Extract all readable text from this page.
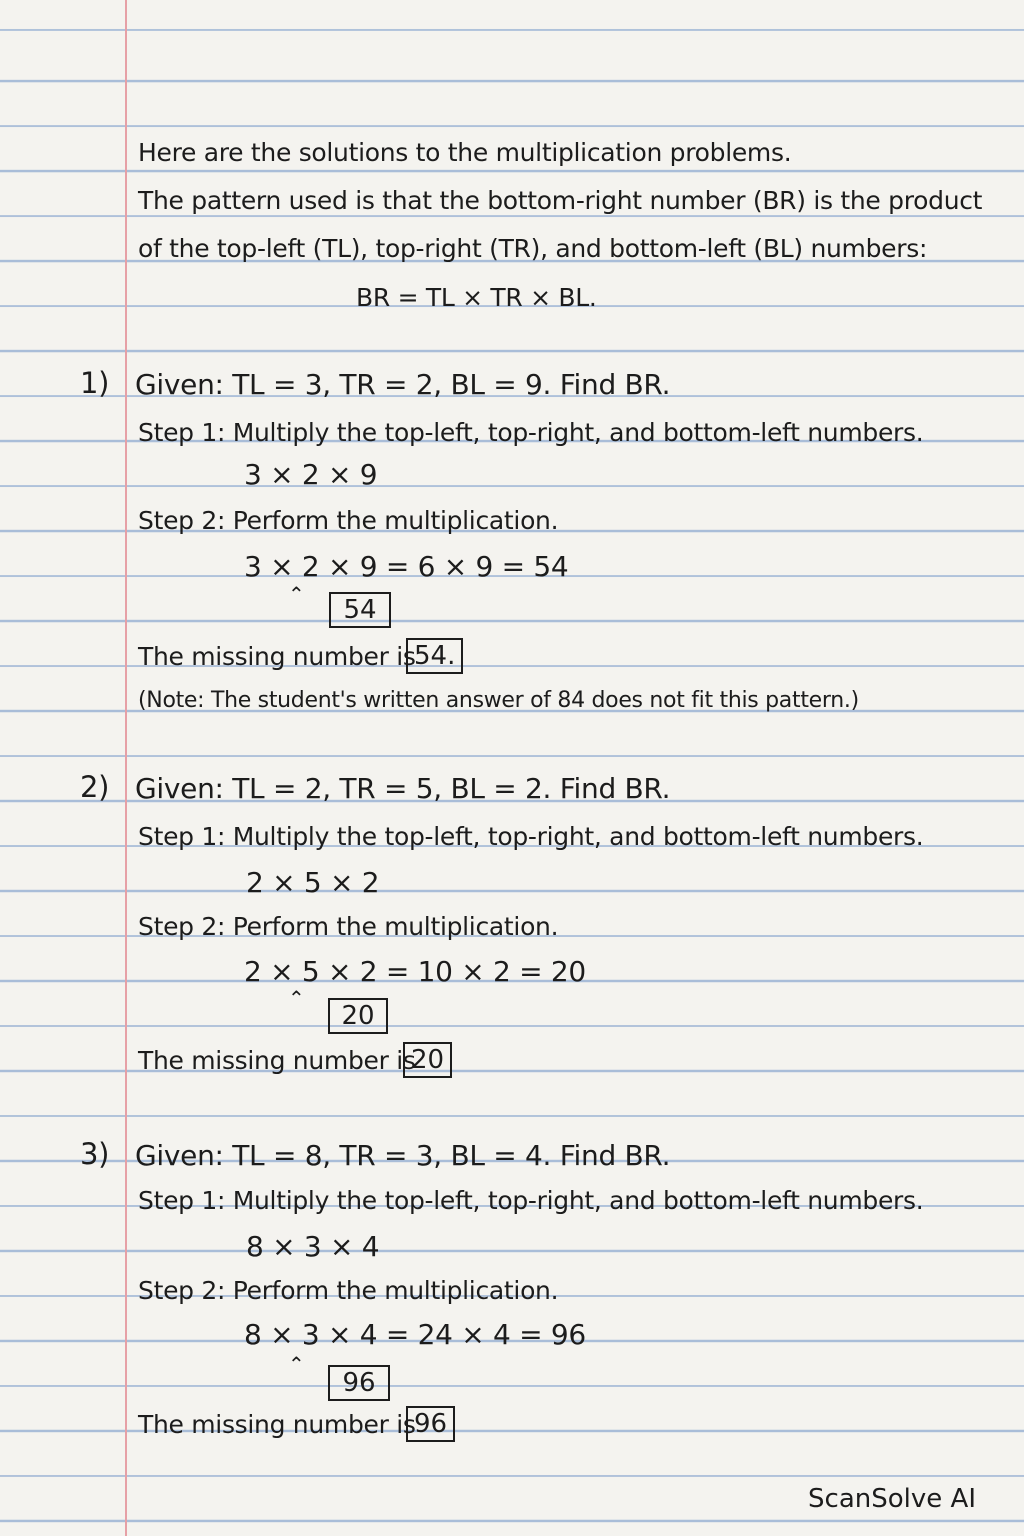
Here are the solutions to the multiplication problems.
The pattern used is that the bottom-right number (BR) is the product
of the top-left (TL), top-right (TR), and bottom-left (BL) numbers:
BR = TL × TR × BL.
1) Given: TL = 3, TR = 2, BL = 9. Find BR.
Step 1: Multiply the top-left, top-right, and bottom-left numbers.
3 × 2 × 9
Step 2: Perform the multiplication.
3 × 2 × 9 = 6 × 9 = 54
⌃
54
The missing number is
54.
(Note: The student's written answer of 84 does not fit this pattern.)
2) Given: TL = 2, TR = 5, BL = 2. Find BR.
Step 1: Multiply the top-left, top-right, and bottom-left numbers.
2 × 5 × 2
Step 2: Perform the multiplication.
2 × 5 × 2 = 10 × 2 = 20
⌃
20
The missing number is
20
3) Given: TL = 8, TR = 3, BL = 4. Find BR.
Step 1: Multiply the top-left, top-right, and bottom-left numbers.
8 × 3 × 4
Step 2: Perform the multiplication.
8 × 3 × 4 = 24 × 4 = 96
⌃
96
The missing number is
96
ScanSolve AI
